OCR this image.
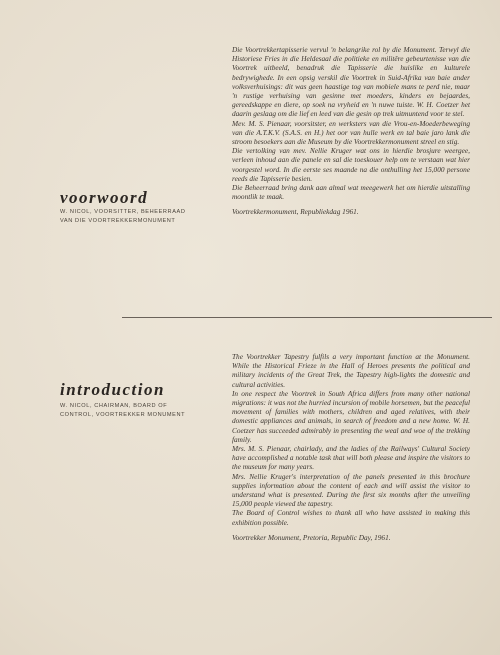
voorwoord
W. NICOL, VOORSITTER, BEHEERRAAD
VAN DIE VOORTREKKERMONUMENT

Die Voortrekkertapisserie vervul 'n belangrike rol by die Monument. Terwyl die Historiese Fries in die Heldesaal die politieke en militêre gebeurtenisse van die Voortrek uitbeeld, benadruk die Tapisserie die huislike en kulturele bedrywighede. In een opsig verskil die Voortrek in Suid-Afrika van baie ander volksverhuisings: dit was geen haastige tog van mobiele mans te perd nie, maar 'n rustige verhuising van gesinne met moeders, kinders en bejaardes, gereedskappe en diere, op soek na vryheid en 'n nuwe tuiste. W. H. Coetzer het daarin geslaag om die lief en leed van die gesin op trek uitmuntend voor te stel.

Mev. M. S. Pienaar, voorsitster, en werksters van die Vrou-en-Moederbeweging van die A.T.K.V. (S.A.S. en H.) het oor van hulle werk en tal baie jaro lank die stroom besoekers aan die Museum by die Voortrekkermonument streel en stig.

Die vertolking van mev. Nellie Kruger wat ons in hierdie brosjure weergee, verleen inhoud aan die panele en sal die toeskouer help om te verstaan wat hier voorgestel word. In die eerste ses maande na die onthulling het 15,000 persone reeds die Tapisserie besien.

Die Beheerraad bring dank aan almal wat meegewerk het om hierdie uitstalling moontlik te maak.

Voortrekkermonument, Republiekdag 1961.

introduction
W. NICOL, CHAIRMAN, BOARD OF
CONTROL, VOORTREKKER MONUMENT

The Voortrekker Tapestry fulfils a very important function at the Monument. While the Historical Frieze in the Hall of Heroes presents the political and military incidents of the Great Trek, the Tapestry high-lights the domestic and cultural activities.

In one respect the Voortrek in South Africa differs from many other national migrations: it was not the hurried incursion of mobile horsemen, but the peaceful movement of families with mothers, children and aged relatives, with their domestic appliances and animals, in search of freedom and a new home. W. H. Coetzer has succeeded admirably in presenting the weal and woe of the trekking family.

Mrs. M. S. Pienaar, chairlady, and the ladies of the Railways' Cultural Society have accomplished a notable task that will both please and inspire the visitors to the museum for many years.

Mrs. Nellie Kruger's interpretation of the panels presented in this brochure supplies information about the content of each and will assist the visitor to understand what is presented. During the first six months after the unveiling 15,000 people viewed the tapestry.

The Board of Control wishes to thank all who have assisted in making this exhibition possible.

Voortrekker Monument, Pretoria, Republic Day, 1961.
